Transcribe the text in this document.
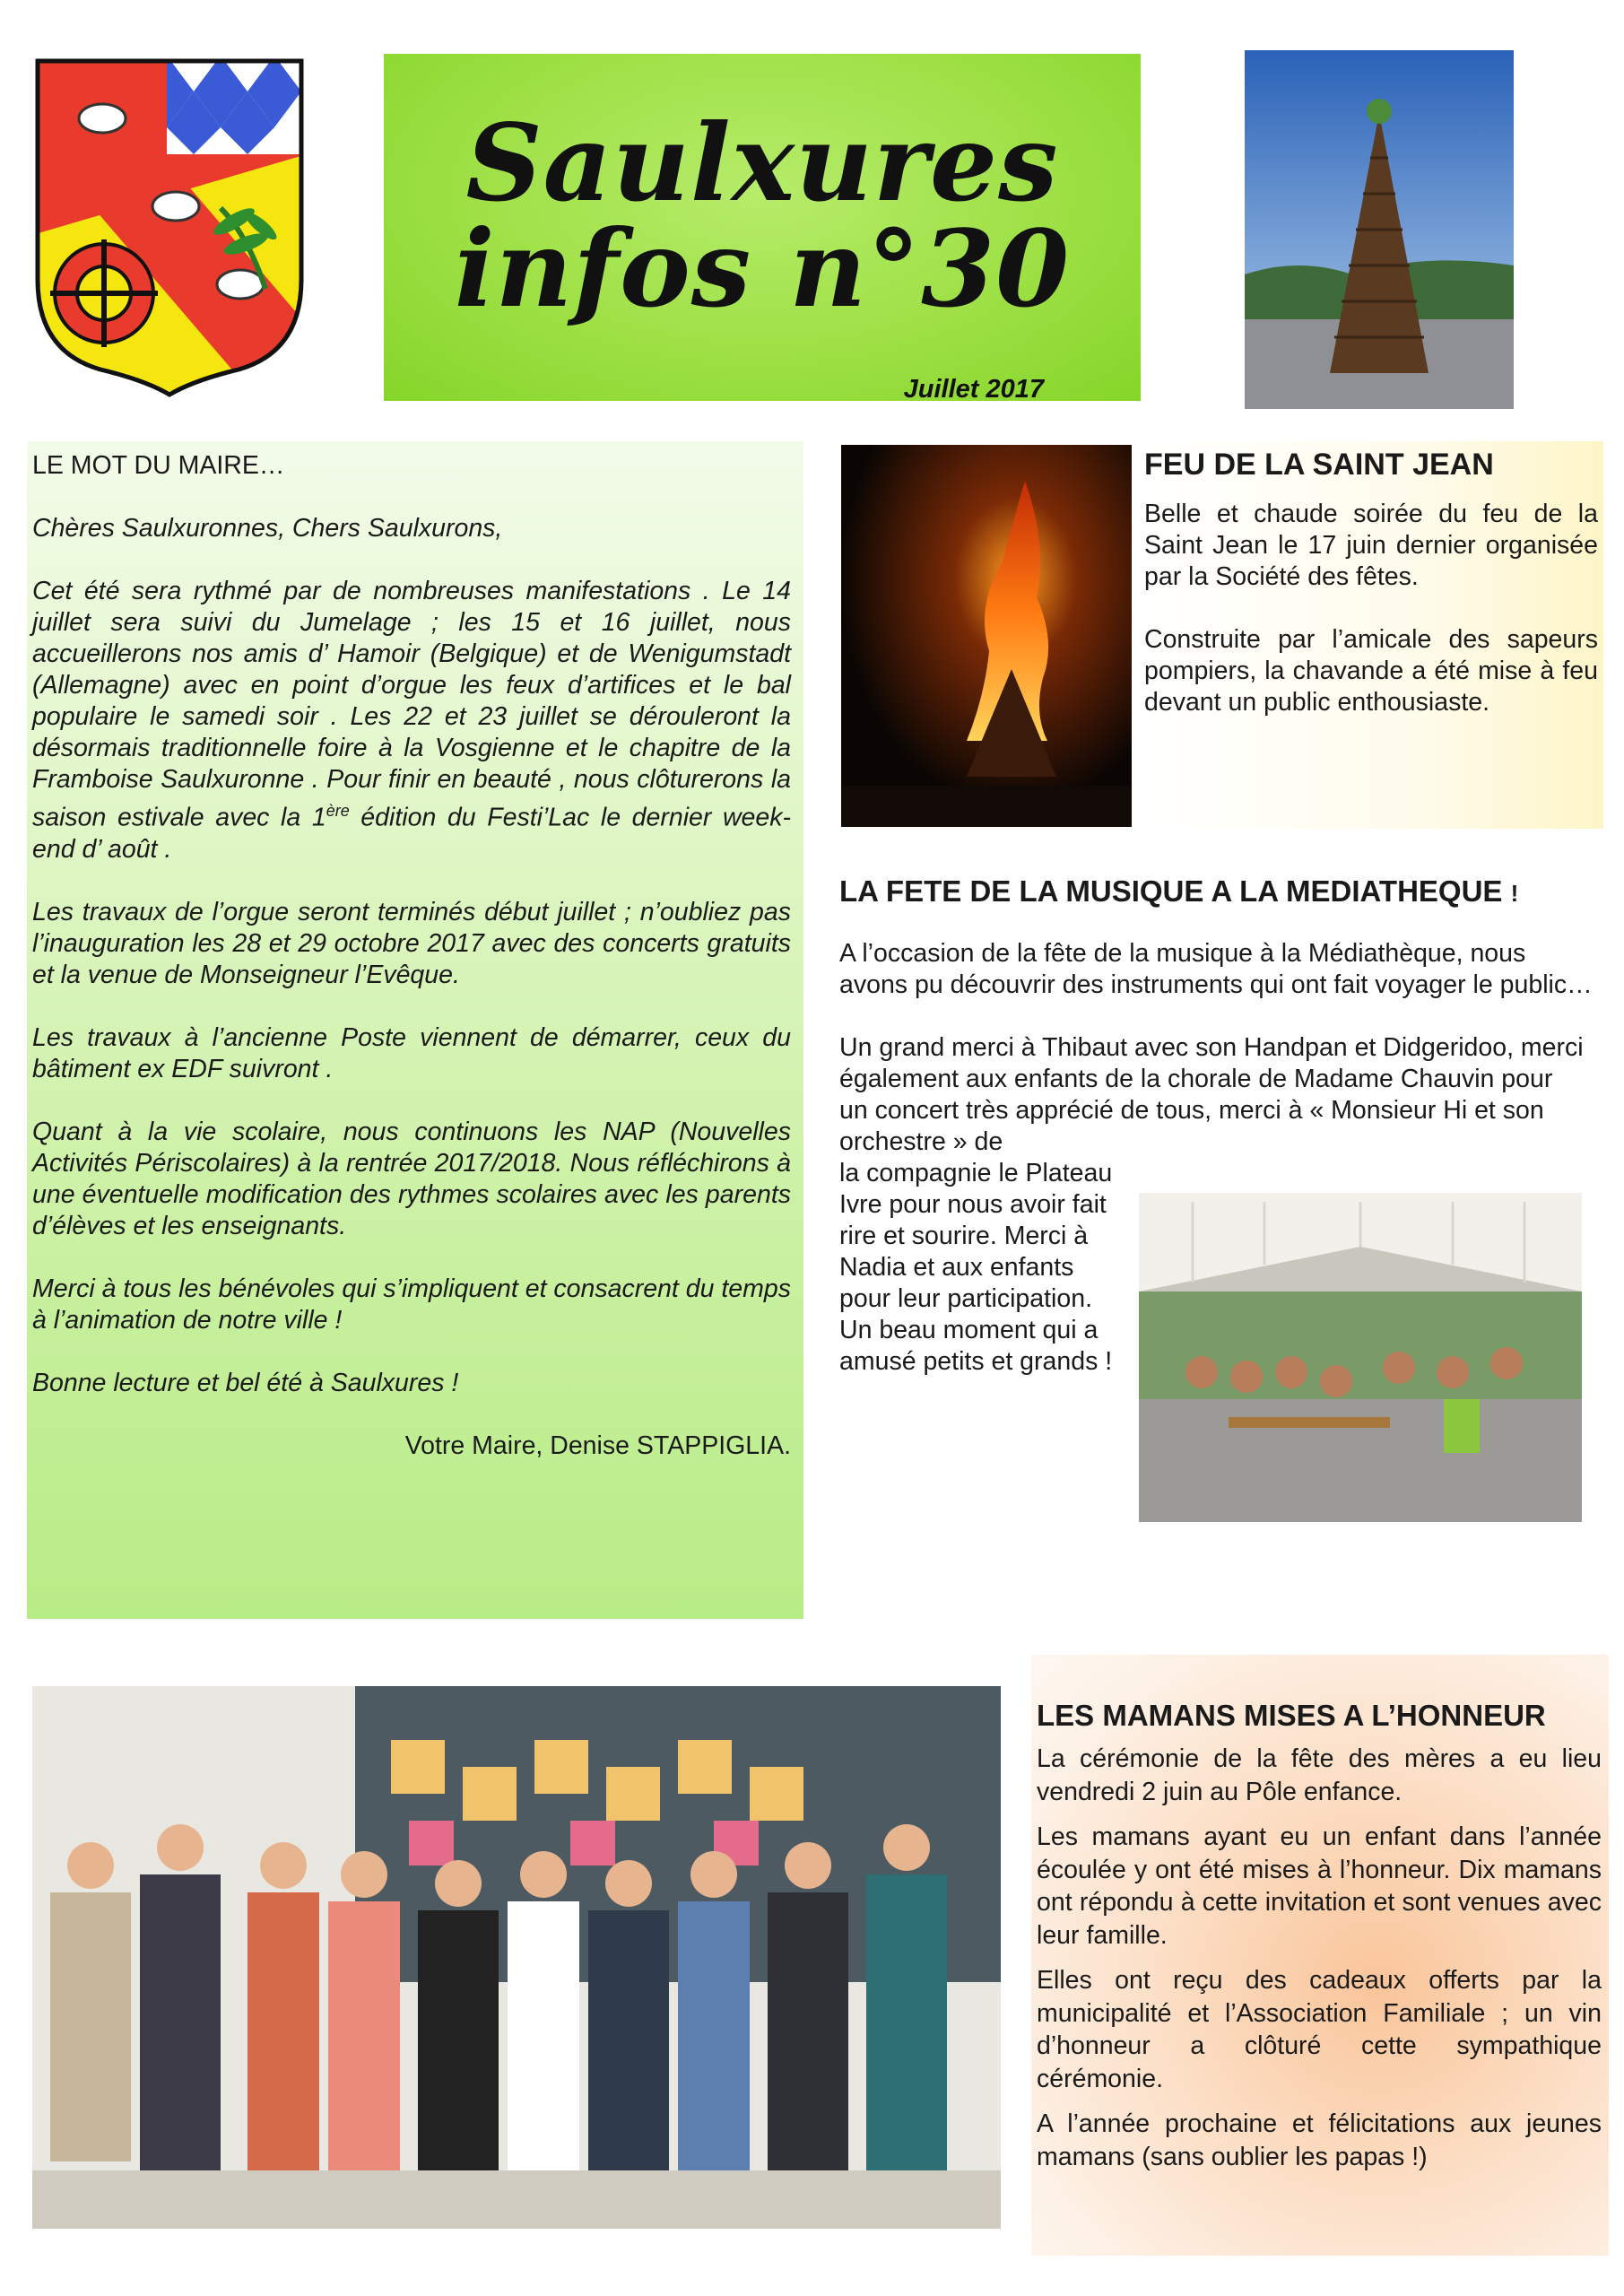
Saulxures
infos n°30
Juillet 2017

LE MOT DU MAIRE…

Chères Saulxuronnes, Chers Saulxurons,

Cet été sera rythmé par de nombreuses manifestations . Le 14 juillet sera suivi du Jumelage ; les 15 et 16 juillet, nous accueillerons nos amis d’ Hamoir (Belgique) et de Wenigumstadt (Allemagne) avec en point d’orgue les feux d’artifices et le bal populaire le samedi soir . Les 22 et 23 juillet se dérouleront la désormais traditionnelle foire à la Vosgienne et le chapitre de la Framboise Saulxuronne . Pour finir en beauté , nous clôturerons la saison estivale avec la 1ère édition du Festi’Lac le dernier week-end d’ août .

Les travaux de l’orgue seront terminés début juillet ; n’oubliez pas l’inauguration les 28 et 29 octobre 2017 avec des concerts gratuits et la venue de Monseigneur l’Evêque.

Les travaux à l’ancienne Poste viennent de démarrer, ceux du bâtiment ex EDF suivront .

Quant à la vie scolaire, nous continuons les NAP (Nouvelles Activités Périscolaires) à la rentrée 2017/2018. Nous réfléchirons à une éventuelle modification des rythmes scolaires avec les parents d’élèves et les enseignants.

Merci à tous les bénévoles qui s’impliquent et consacrent du temps à l’animation de notre ville !

Bonne lecture et bel été à Saulxures !

Votre Maire, Denise STAPPIGLIA.

FEU DE LA SAINT JEAN

Belle et chaude soirée du feu de la Saint Jean le 17 juin dernier organisée par la Société des fêtes.

Construite par l’amicale des sapeurs pompiers, la chavande a été mise à feu devant un public enthousiaste.

LA FETE DE LA MUSIQUE A LA MEDIATHEQUE !

A l’occasion de la fête de la musique à la Médiathèque, nous avons pu découvrir des instruments qui ont fait voyager le public…

Un grand merci à Thibaut avec son Handpan et Didgeridoo, merci également aux enfants de la chorale de Madame Chauvin pour un concert très apprécié de tous, merci à « Monsieur Hi et son orchestre » de

la compagnie le Plateau Ivre pour nous avoir fait rire et sourire. Merci à Nadia et aux enfants pour leur participation. Un beau moment qui a amusé petits et grands !

LES MAMANS MISES A L’HONNEUR

La cérémonie de la fête des mères a eu lieu vendredi 2 juin au Pôle enfance.

Les mamans ayant eu un enfant dans l’année écoulée y ont été mises à l’honneur. Dix mamans ont répondu à cette invitation et sont venues avec leur famille.

Elles ont reçu des cadeaux offerts par la municipalité et l’Association Familiale ; un vin d’honneur a clôturé cette sympathique cérémonie.

A l’année prochaine et félicitations aux jeunes mamans (sans oublier les papas !)
